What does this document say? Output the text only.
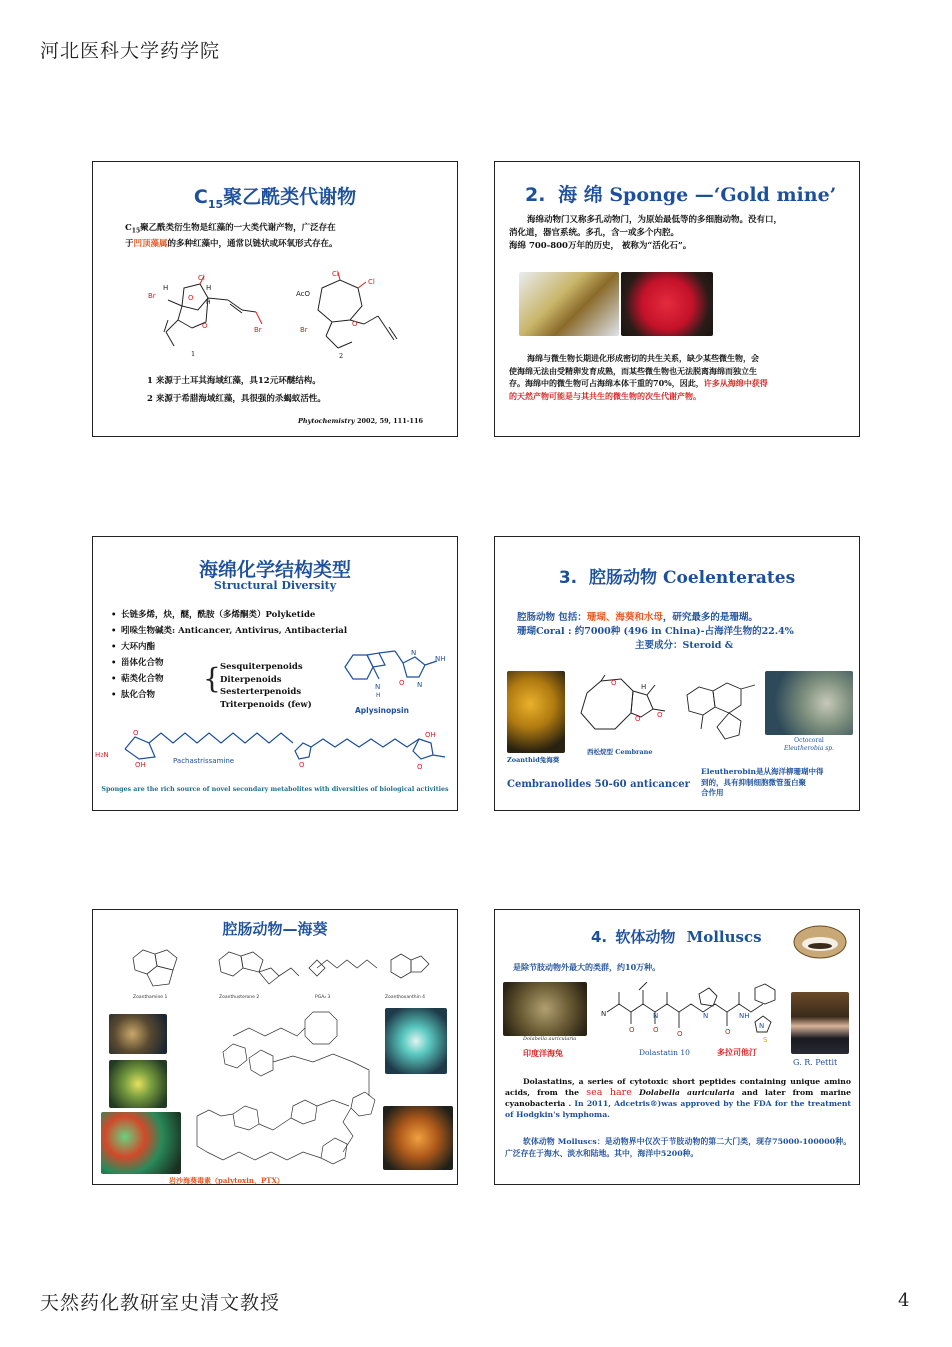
河北医科大学药学院
$C_{15}$聚乙酰类代谢物
$C_{15}$聚乙酰类衍生物是红藻的一大类代谢产物，广泛存在
于凹顶藻属的多种红藻中，通常以链状或环氧形式存在。
Cl
Br
H	H
O
O
H
Br
1
Cl
Cl
AcO
O
Br
2
1 来源于土耳其海域红藻，具12元环醚结构。
2 来源于希腊海域红藻，具很强的杀蝎蚁活性。
Phytochemistry 2002, 59, 111-116
2. 海 绵 Sponge —‘Gold mine’
海绵动物门又称多孔动物门，为原始最低等的多细胞动物。没有口，
消化道，器官系统。多孔，含一或多个内腔。
海绵 700-800万年的历史， 被称为“活化石”。
海绵与微生物长期进化形成密切的共生关系，缺少某些微生物，会
使海绵无法由受精卵发育成熟，而某些微生物也无法脱离海绵而独立生
存。海绵中的微生物可占海绵本体干重的70%，因此，许多从海绵中获得
的天然产物可能是与其共生的微生物的次生代谢产物。
海绵化学结构类型
Structural Diversity
• 长链多烯，炔，醚，酰胺（多烯酮类）Polyketide
• 吲哚生物碱类: Anticancer, Antivirus, Antibacterial
• 大环内酯
• 甾体化合物
• 萜类化合物
• 肽化合物	{ Sesquiterpenoids
Diterpenoids
Sesterterpenoids
Triterpenoids (few)
N
H
N
NH
O N
Aplysinopsin
H2N
OH
O
Pachastrissamine	O
OH
O
Sponges are the rich source of novel secondary metabolites with diversities of biological activities
3. 腔肠动物 Coelenterates
腔肠动物 包括：珊瑚、海葵和水母，研究最多的是珊瑚。
珊瑚Coral : 约7000种 (496 in China)-占海洋生物的22.4%
主要成分：Steroid &
Zoanthid兔海葵
O
O O
H
西松烷型 Cembrane
Octocoral
Eleutherobia sp.
Cembranolides 50-60 anticancer
Eleutherobin是从海洋柳珊瑚中得
到的，具有抑制细胞微管蛋白聚
合作用
腔肠动物—海葵
Zoanthamine 1	Zoanthusterone 2	PGA₂ 3	Zoanthoxanthin 4
岩沙海葵毒素（palytoxin，PTX）
4. 软体动物 Molluscs
是除节肢动物外最大的类群，约10万种。
Dolabella auricularia
印度洋海兔
N
O
N
O	O
N
O
NH
N
S
Dolastatin 10	多拉司他汀
G. R. Pettit
Dolastatins, a series of cytotoxic short peptides containing unique amino acids, from the sea hare Dolabella auricularia and later from marine cyanobacteria . In 2011, Adcetris®)was approved by the FDA for the treatment of Hodgkin's lymphoma.
软体动物 Molluscs：是动物界中仅次于节肢动物的第二大门类，现存75000-100000种。广泛存在于海水、淡水和陆地。其中，海洋中5200种。
天然药化教研室史清文教授	4
